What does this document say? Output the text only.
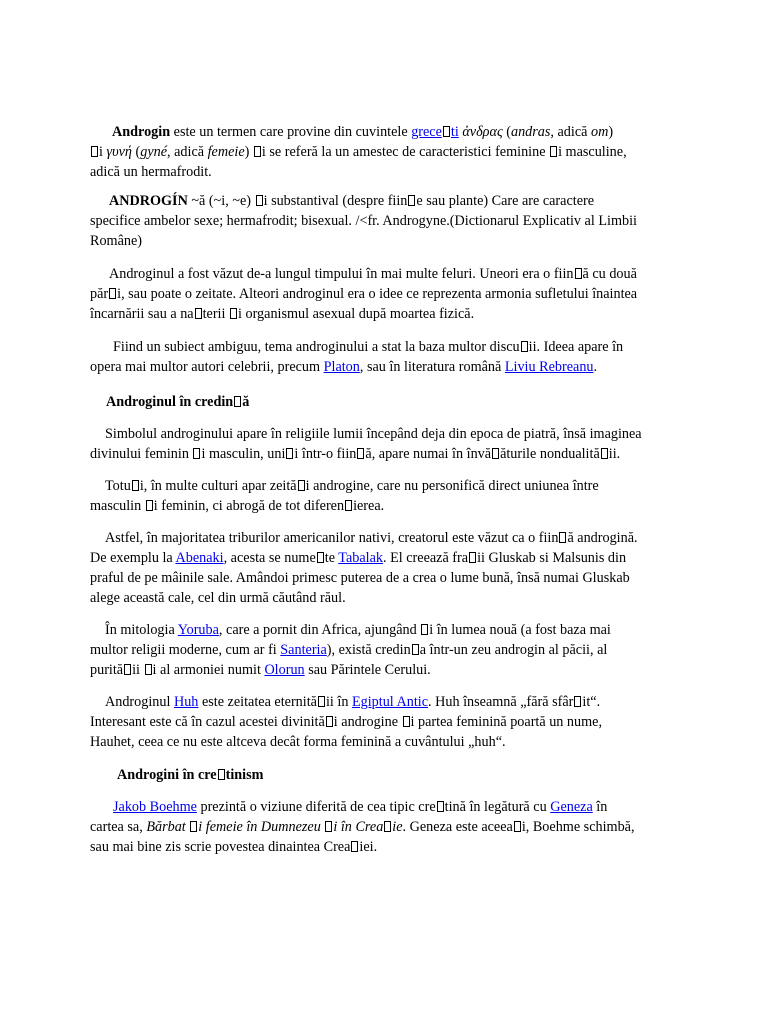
Androgin este un termen care provine din cuvintele grece ti ἀνδρας (andras, adică om)
i γυνή (gyné, adică femeie) i se referă la un amestec de caracteristici feminine i masculine,
adică un hermafrodit.
ANDROGÍN ~ă (~i, ~e) i substantival (despre fiin e sau plante) Care are caractere
specifice ambelor sexe; hermafrodit; bisexual. /<fr. Androgyne.(Dictionarul Explicativ al Limbii
Române)
Androginul a fost văzut de-a lungul timpului în mai multe feluri. Uneori era o fiin ă cu două
păr i, sau poate o zeitate. Alteori androginul era o idee ce reprezenta armonia sufletului înaintea
încarnării sau a na terii i organismul asexual după moartea fizică.
Fiind un subiect ambiguu, tema androginului a stat la baza multor discu ii. Ideea apare în
opera mai multor autori celebrii, precum Platon, sau în literatura română Liviu Rebreanu.
Androginul în credin ă
Simbolul androginului apare în religiile lumii începând deja din epoca de piatră, însă imaginea
divinului feminin i masculin, uni i într-o fiin ă, apare numai în învă ăturile nondualită ii.
Totu i, în multe culturi apar zeită i androgine, care nu personifică direct uniunea între
masculin i feminin, ci abrogă de tot diferen ierea.
Astfel, în majoritatea triburilor americanilor nativi, creatorul este văzut ca o fiin ă androgină.
De exemplu la Abenaki, acesta se nume te Tabalak. El creează fra ii Gluskab si Malsunis din
praful de pe mâinile sale. Amândoi primesc puterea de a crea o lume bună, însă numai Gluskab
alege această cale, cel din urmă căutând răul.
În mitologia Yoruba, care a pornit din Africa, ajungând i în lumea nouă (a fost baza mai
multor religii moderne, cum ar fi Santeria), există credin a într-un zeu androgin al păcii, al
purită ii i al armoniei numit Olorun sau Părintele Cerului.
Androginul Huh este zeitatea eternită ii în Egiptul Antic. Huh înseamnă „fără sfâr it“.
Interesant este că în cazul acestei divinită i androgine i partea feminină poartă un nume,
Hauhet, ceea ce nu este altceva decât forma feminină a cuvântului „huh“.
Androgini în cre tinism
Jakob Boehme prezintă o viziune diferită de cea tipic cre tină în legătură cu Geneza în
cartea sa, Bărbat i femeie în Dumnezeu i în Crea ie. Geneza este aceea i, Boehme schimbă,
sau mai bine zis scrie povestea dinaintea Crea iei.
